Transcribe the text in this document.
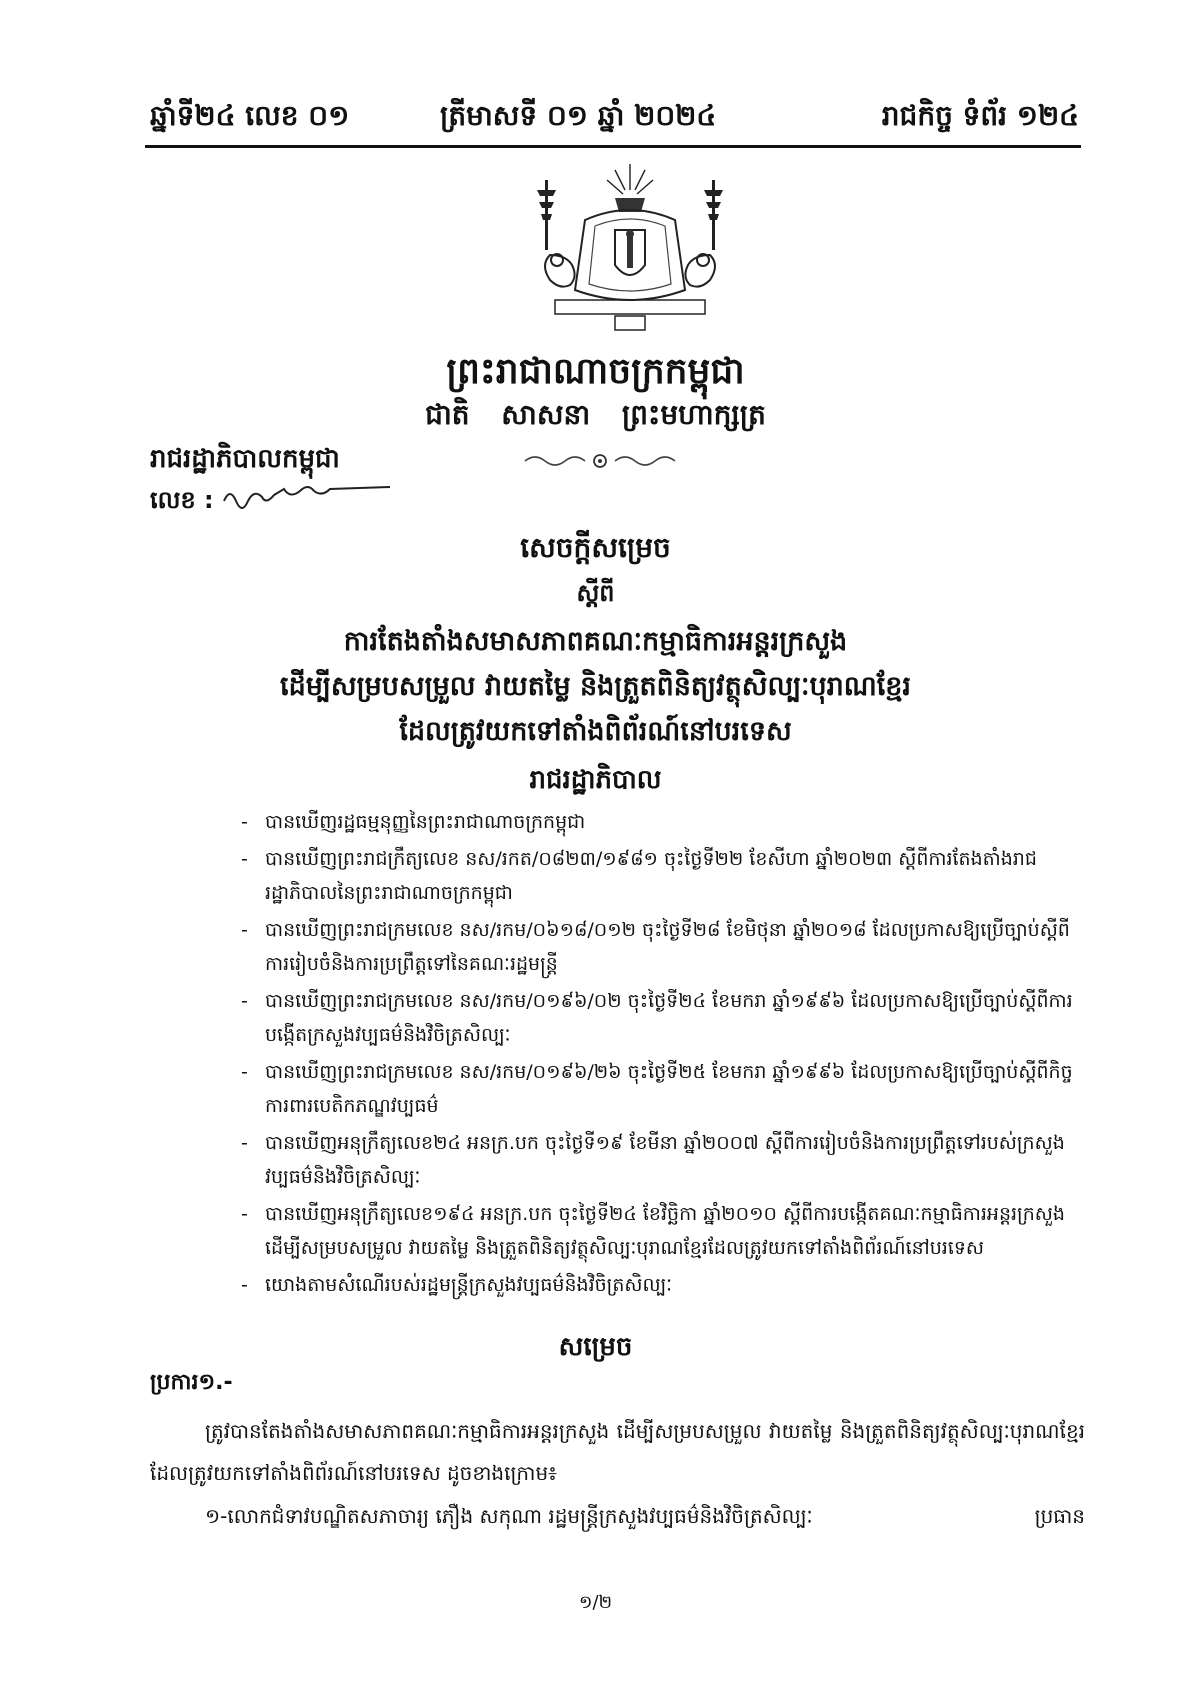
ឆ្នាំទី២៤ លេខ ០១	ត្រីមាសទី ០១ ឆ្នាំ ២០២៤	រាជកិច្ច ទំព័រ ១២៤
ព្រះរាជាណាចក្រកម្ពុជា
ជាតិ សាសនា ព្រះមហាក្សត្រ
រាជរដ្ឋាភិបាលកម្ពុជា
លេខ :
សេចក្តីសម្រេច
ស្តីពី
ការតែងតាំងសមាសភាពគណៈកម្មាធិការអន្តរក្រសួង
ដើម្បីសម្របសម្រួល វាយតម្លៃ និងត្រួតពិនិត្យវត្ថុសិល្បៈបុរាណខ្មែរ
ដែលត្រូវយកទៅតាំងពិព័រណ៍នៅបរទេស
រាជរដ្ឋាភិបាល
- បានឃើញរដ្ឋធម្មនុញ្ញនៃព្រះរាជាណាចក្រកម្ពុជា
- បានឃើញព្រះរាជក្រឹត្យលេខ នស/រកត/០៨២៣/១៩៨១ ចុះថ្ងៃទី២២ ខែសីហា ឆ្នាំ២០២៣ ស្តីពីការតែងតាំងរាជរដ្ឋាភិបាលនៃព្រះរាជាណាចក្រកម្ពុជា
- បានឃើញព្រះរាជក្រមលេខ នស/រកម/០៦១៨/០១២ ចុះថ្ងៃទី២៨ ខែមិថុនា ឆ្នាំ២០១៨ ដែលប្រកាសឱ្យប្រើច្បាប់ស្តីពីការរៀបចំនិងការប្រព្រឹត្តទៅនៃគណៈរដ្ឋមន្ត្រី
- បានឃើញព្រះរាជក្រមលេខ នស/រកម/០១៩៦/០២ ចុះថ្ងៃទី២៤ ខែមករា ឆ្នាំ១៩៩៦ ដែលប្រកាសឱ្យប្រើច្បាប់ស្តីពីការបង្កើតក្រសួងវប្បធម៌និងវិចិត្រសិល្បៈ
- បានឃើញព្រះរាជក្រមលេខ នស/រកម/០១៩៦/២៦ ចុះថ្ងៃទី២៥ ខែមករា ឆ្នាំ១៩៩៦ ដែលប្រកាសឱ្យប្រើច្បាប់ស្តីពីកិច្ចការពារបេតិកភណ្ឌវប្បធម៌
- បានឃើញអនុក្រឹត្យលេខ២៤ អនក្រ.បក ចុះថ្ងៃទី១៩ ខែមីនា ឆ្នាំ២០០៧ ស្តីពីការរៀបចំនិងការប្រព្រឹត្តទៅរបស់ក្រសួងវប្បធម៌និងវិចិត្រសិល្បៈ
- បានឃើញអនុក្រឹត្យលេខ១៩៤ អនក្រ.បក ចុះថ្ងៃទី២៤ ខែវិច្ឆិកា ឆ្នាំ២០១០ ស្តីពីការបង្កើតគណៈកម្មាធិការអន្តរក្រសួង ដើម្បីសម្របសម្រួល វាយតម្លៃ និងត្រួតពិនិត្យវត្ថុសិល្បៈបុរាណខ្មែរដែលត្រូវយកទៅតាំងពិព័រណ៍នៅបរទេស
- យោងតាមសំណើរបស់រដ្ឋមន្ត្រីក្រសួងវប្បធម៌និងវិចិត្រសិល្បៈ
សម្រេច
ប្រការ១.-

ត្រូវបានតែងតាំងសមាសភាពគណៈកម្មាធិការអន្តរក្រសួង ដើម្បីសម្របសម្រួល វាយតម្លៃ និងត្រួតពិនិត្យវត្ថុសិល្បៈបុរាណខ្មែរដែលត្រូវយកទៅតាំងពិព័រណ៍នៅបរទេស ដូចខាងក្រោម៖

១-លោកជំទាវបណ្ឌិតសភាចារ្យ ភឿង សកុណា រដ្ឋមន្ត្រីក្រសួងវប្បធម៌និងវិចិត្រសិល្បៈ	ប្រធាន
១/២
